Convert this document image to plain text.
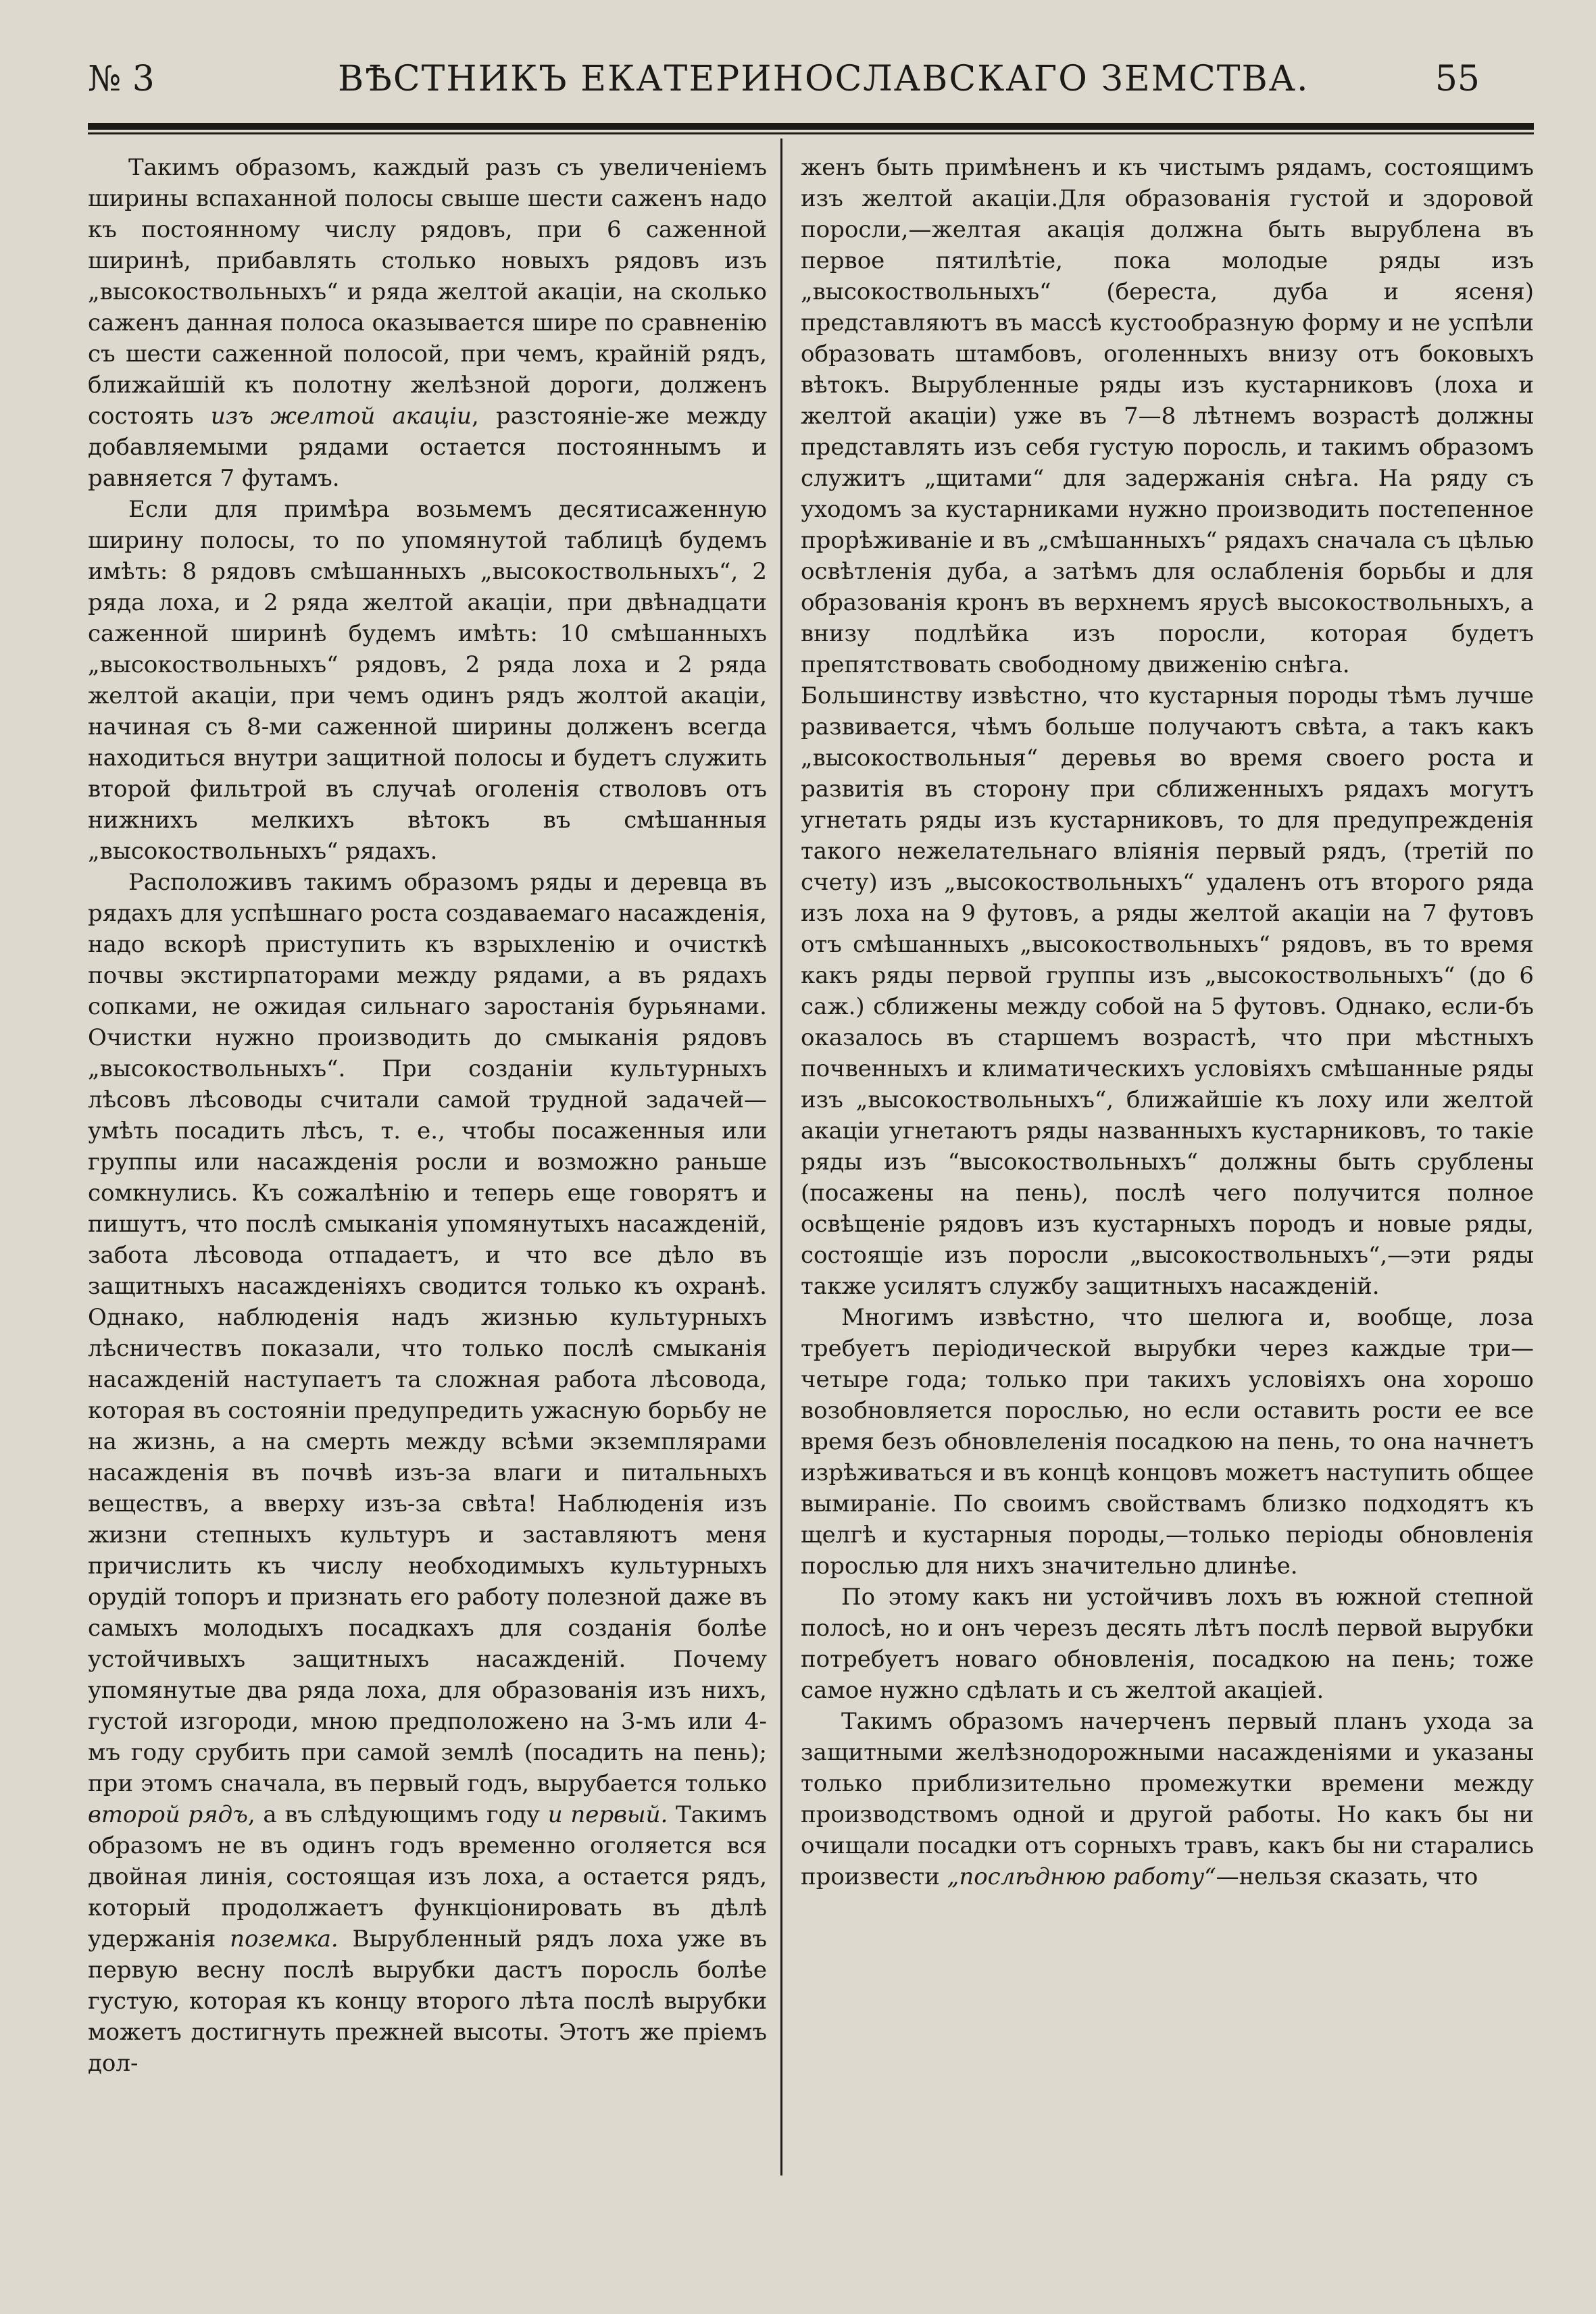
№ 3	ВѢСТНИКЪ ЕКАТЕРИНОСЛАВСКАГО ЗЕМСТВА.	55

Такимъ образомъ, каждый разъ съ увеличеніемъ ширины вспаханной полосы свыше шести саженъ надо къ постоянному числу рядовъ, при 6 саженной ширинѣ, прибавлять столько новыхъ рядовъ изъ „высокоствольныхъ“ и ряда желтой акаціи, на сколько саженъ данная полоса оказывается шире по сравненію съ шести саженной полосой, при чемъ, крайній рядъ, ближайшій къ полотну желѣзной дороги, долженъ состоять изъ желтой акаціи, разстояніе-же между добавляемыми рядами остается постояннымъ и равняется 7 футамъ.

Если для примѣра возьмемъ десятисаженную ширину полосы, то по упомянутой таблицѣ будемъ имѣть: 8 рядовъ смѣшанныхъ „высокоствольныхъ“, 2 ряда лоха, и 2 ряда желтой акаціи, при двѣнадцати саженной ширинѣ будемъ имѣть: 10 смѣшанныхъ „высокоствольныхъ“ рядовъ, 2 ряда лоха и 2 ряда желтой акаціи, при чемъ одинъ рядъ жолтой акаціи, начиная съ 8-ми саженной ширины долженъ всегда находиться внутри защитной полосы и будетъ служить второй фильтрой въ случаѣ оголенія стволовъ отъ нижнихъ мелкихъ вѣтокъ въ смѣшанныя „высокоствольныхъ“ рядахъ.

Расположивъ такимъ образомъ ряды и деревца въ рядахъ для успѣшнаго роста создаваемаго насажденія, надо вскорѣ приступить къ взрыхленію и очисткѣ почвы экстирпаторами между рядами, а въ рядахъ сопками, не ожидая сильнаго заростанія бурьянами. Очистки нужно производить до смыканія рядовъ „высокоствольныхъ“. При созданіи культурныхъ лѣсовъ лѣсоводы считали самой трудной задачей—умѣть посадить лѣсъ, т. е., чтобы посаженныя или группы или насажденія росли и возможно раньше сомкнулись. Къ сожалѣнію и теперь еще говорятъ и пишутъ, что послѣ смыканія упомянутыхъ насажденій, забота лѣсовода отпадаетъ, и что все дѣло въ защитныхъ насажденіяхъ сводится только къ охранѣ. Однако, наблюденія надъ жизнью культурныхъ лѣсничествъ показали, что только послѣ смыканія насажденій наступаетъ та сложная работа лѣсовода, которая въ состояніи предупредить ужасную борьбу не на жизнь, а на смерть между всѣми экземплярами насажденія въ почвѣ изъ-за влаги и питальныхъ веществъ, а вверху изъ-за свѣта! Наблюденія изъ жизни степныхъ культуръ и заставляютъ меня причислить къ числу необходимыхъ культурныхъ орудій топоръ и признать его работу полезной даже въ самыхъ молодыхъ посадкахъ для созданія болѣе устойчивыхъ защитныхъ насажденій. Почему упомянутые два ряда лоха, для образованія изъ нихъ, густой изгороди, мною предположено на 3-мъ или 4-мъ году срубить при самой землѣ (посадить на пень); при этомъ сначала, въ первый годъ, вырубается только второй рядъ, а въ слѣдующимъ году и первый. Такимъ образомъ не въ одинъ годъ временно оголяется вся двойная линія, состоящая изъ лоха, а остается рядъ, который продолжаетъ функціонировать въ дѣлѣ удержанія поземка. Вырубленный рядъ лоха уже въ первую весну послѣ вырубки дастъ поросль болѣе густую, которая къ концу второго лѣта послѣ вырубки можетъ достигнуть прежней высоты. Этотъ же пріемъ дол-

женъ быть примѣненъ и къ чистымъ рядамъ, состоящимъ изъ желтой акаціи.Для образованія густой и здоровой поросли,—желтая акація должна быть вырублена въ первое пятилѣтіе, пока молодые ряды изъ „высокоствольныхъ“ (береста, дуба и ясеня) представляютъ въ массѣ кустообразную форму и не успѣли образовать штамбовъ, оголенныхъ внизу отъ боковыхъ вѣтокъ. Вырубленные ряды изъ кустарниковъ (лоха и желтой акаціи) уже въ 7—8 лѣтнемъ возрастѣ должны представлять изъ себя густую поросль, и такимъ образомъ служитъ „щитами“ для задержанія снѣга. На ряду съ уходомъ за кустарниками нужно производить постепенное прорѣживаніе и въ „смѣшанныхъ“ рядахъ сначала съ цѣлью освѣтленія дуба, а затѣмъ для ослабленія борьбы и для образованія кронъ въ верхнемъ ярусѣ высокоствольныхъ, а внизу подлѣйка изъ поросли, которая будетъ препятствовать свободному движенію снѣга.

Большинству извѣстно, что кустарныя породы тѣмъ лучше развивается, чѣмъ больше получаютъ свѣта, а такъ какъ „высокоствольныя“ деревья во время своего роста и развитія въ сторону при сближенныхъ рядахъ могутъ угнетать ряды изъ кустарниковъ, то для предупрежденія такого нежелательнаго вліянія первый рядъ, (третій по счету) изъ „высокоствольныхъ“ удаленъ отъ второго ряда изъ лоха на 9 футовъ, а ряды желтой акаціи на 7 футовъ отъ смѣшанныхъ „высокоствольныхъ“ рядовъ, въ то время какъ ряды первой группы изъ „высокоствольныхъ“ (до 6 саж.) сближены между собой на 5 футовъ. Однако, если-бъ оказалось въ старшемъ возрастѣ, что при мѣстныхъ почвенныхъ и климатическихъ условіяхъ смѣшанные ряды изъ „высокоствольныхъ“, ближайшіе къ лоху или желтой акаціи угнетаютъ ряды названныхъ кустарниковъ, то такіе ряды изъ “высокоствольныхъ“ должны быть срублены (посажены на пень), послѣ чего получится полное освѣщеніе рядовъ изъ кустарныхъ породъ и новые ряды, состоящіе изъ поросли „высокоствольныхъ“,—эти ряды также усилятъ службу защитныхъ насажденій.

Многимъ извѣстно, что шелюга и, вообще, лоза требуетъ періодической вырубки через каждые три—четыре года; только при такихъ условіяхъ она хорошо возобновляется порослью, но если оставить рости ее все время безъ обновлеленія посадкою на пень, то она начнетъ изрѣживаться и въ концѣ концовъ можетъ наступить общее вымираніе. По своимъ свойствамъ близко подходятъ къ щелгѣ и кустарныя породы,—только періоды обновленія порослью для нихъ значительно длинѣе.

По этому какъ ни устойчивъ лохъ въ южной степной полосѣ, но и онъ черезъ десять лѣтъ послѣ первой вырубки потребуетъ новаго обновленія, посадкою на пень; тоже самое нужно сдѣлать и съ желтой акаціей.

Такимъ образомъ начерченъ первый планъ ухода за защитными желѣзнодорожными насажденіями и указаны только приблизительно промежутки времени между производствомъ одной и другой работы. Но какъ бы ни очищали посадки отъ сорныхъ травъ, какъ бы ни старались произвести „послѣднюю работу“—нельзя сказать, что
